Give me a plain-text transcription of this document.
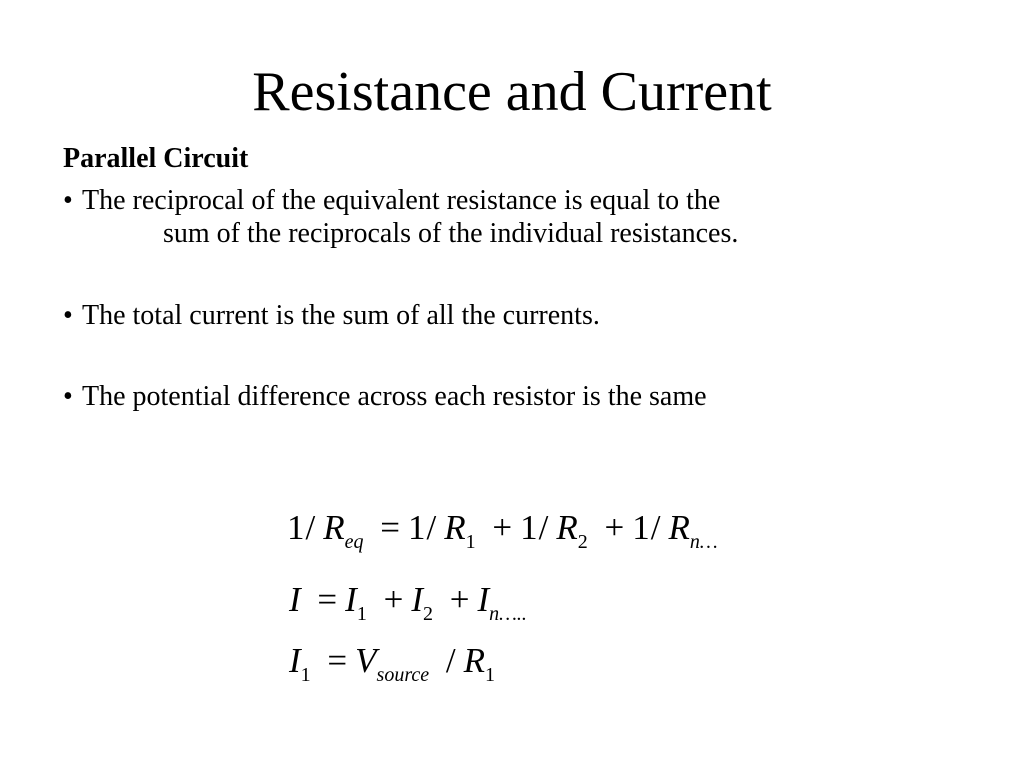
Resistance and Current
Parallel Circuit
• The reciprocal of the equivalent resistance is equal to the
sum of the reciprocals of the individual resistances.
• The total current is the sum of all the currents.
• The potential difference across each resistor is the same
1/ $R_{eq} = 1/$ $R_1 + 1/$ $R_2 + 1/$ $R_{n\dots}$
$I = I_1 + I_2 + I_{n\dots..}$
$I_1 = V_{source} / R_1$
